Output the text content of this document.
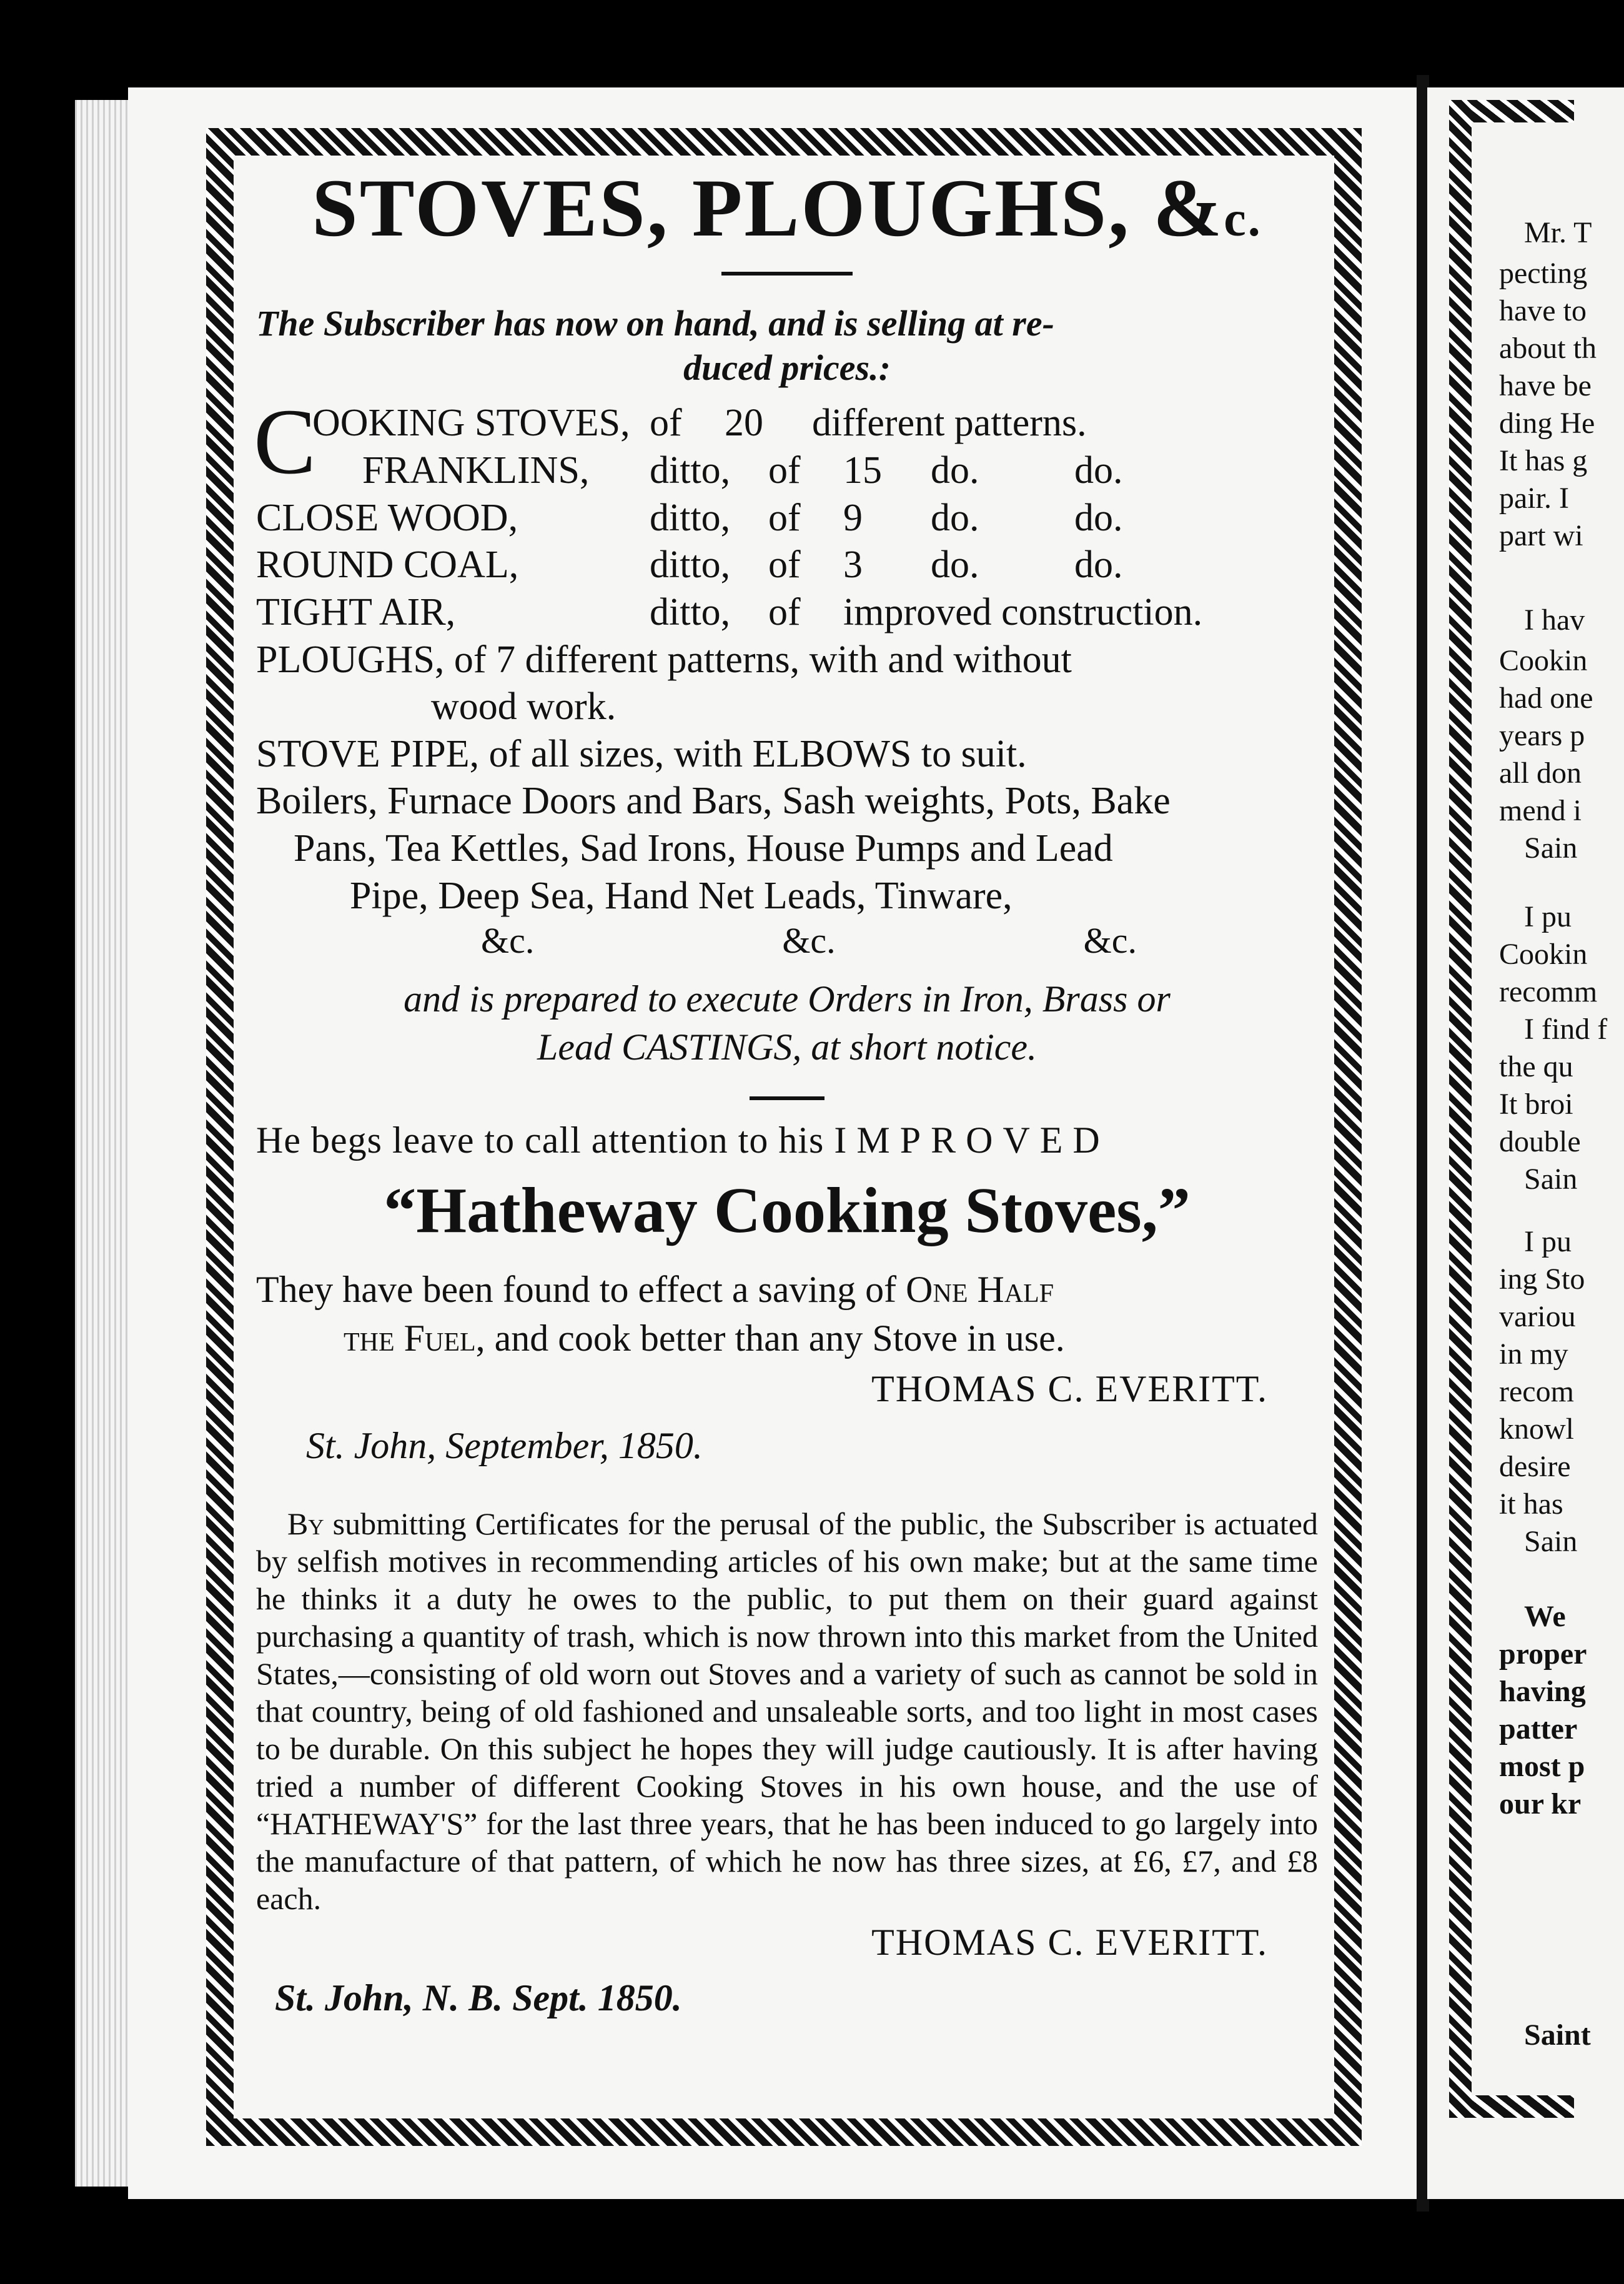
STOVES, PLOUGHS, &c.

The Subscriber has now on hand, and is selling at re-

duced prices.:

C
OOKING STOVES, of	20	different patterns.
FRANKLINS,	ditto, of	15	do.	do.
CLOSE WOOD,	ditto, of	9	do.	do.
ROUND COAL,	ditto, of	3	do.	do.
TIGHT AIR,	ditto, of	improved construction.

PLOUGHS, of 7 different patterns, with and without

wood work.

STOVE PIPE, of all sizes, with ELBOWS to suit.

Boilers, Furnace Doors and Bars, Sash weights, Pots, Bake

Pans, Tea Kettles, Sad Irons, House Pumps and Lead

Pipe, Deep Sea, Hand Net Leads, Tinware,

&c.	&c.	&c.

and is prepared to execute Orders in Iron, Brass or

Lead CASTINGS, at short notice.

He begs leave to call attention to his IMPROVED

“Hatheway Cooking Stoves,”

They have been found to effect a saving of One Half

the Fuel, and cook better than any Stove in use.

THOMAS C. EVERITT.

St. John, September, 1850.

By submitting Certificates for the perusal of the public, the Subscriber is actuated by selfish motives in recommending articles of his own make; but at the same time he thinks it a duty he owes to the public, to put them on their guard against purchasing a quantity of trash, which is now thrown into this market from the United States,—consisting of old worn out Stoves and a variety of such as cannot be sold in that country, being of old fashioned and unsaleable sorts, and too light in most cases to be durable. On this subject he hopes they will judge cautiously. It is after having tried a number of different Cooking Stoves in his own house, and the use of “HATHEWAY'S” for the last three years, that he has been induced to go largely into the manufacture of that pattern, of which he now has three sizes, at £6, £7, and £8 each.

THOMAS C. EVERITT.

St. John, N. B. Sept. 1850.

Mr. T
pecting
have to
about th
have be
ding He
It has g
pair. I
part wi
I hav
Cookin
had one
years p
all don
mend i
Sain
I pu
Cookin
recomm
I find f
the qu
It broi
double
Sain
I pu
ing Sto
variou
in my
recom
knowl
desire
it has
Sain
We
proper
having
patter
most p
our kr
Saint
